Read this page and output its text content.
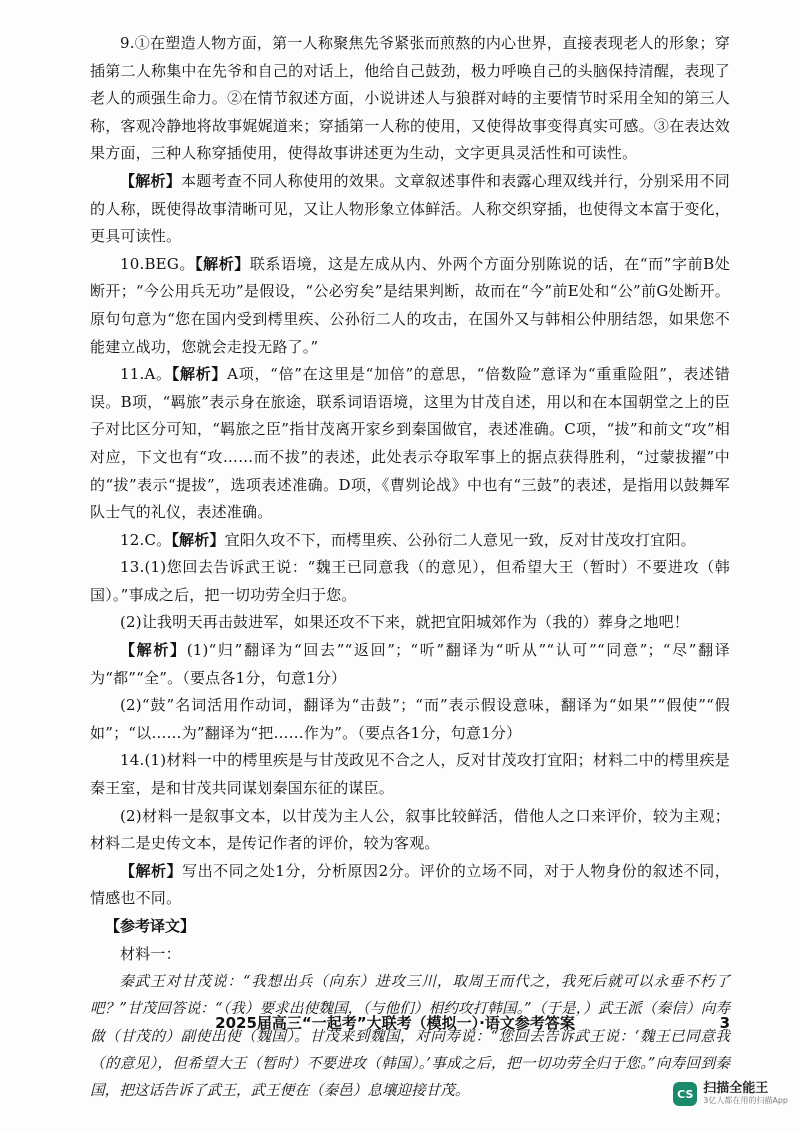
9.①在塑造人物方面，第一人称聚焦先爷紧张而煎熬的内心世界，直接表现老人的形象；穿插第二人称集中在先爷和自己的对话上，他给自己鼓劲，极力呼唤自己的头脑保持清醒，表现了老人的顽强生命力。②在情节叙述方面，小说讲述人与狼群对峙的主要情节时采用全知的第三人称，客观冷静地将故事娓娓道来；穿插第一人称的使用，又使得故事变得真实可感。③在表达效果方面，三种人称穿插使用，使得故事讲述更为生动，文字更具灵活性和可读性。

【解析】本题考查不同人称使用的效果。文章叙述事件和表露心理双线并行，分别采用不同的人称，既使得故事清晰可见，又让人物形象立体鲜活。人称交织穿插，也使得文本富于变化，更具可读性。

10.BEG。【解析】联系语境，这是左成从内、外两个方面分别陈说的话，在“而”字前B处断开；“今公用兵无功”是假设，“公必穷矣”是结果判断，故而在“今”前E处和“公”前G处断开。原句句意为“您在国内受到樗里疾、公孙衍二人的攻击，在国外又与韩相公仲朋结怨，如果您不能建立战功，您就会走投无路了。”

11.A。【解析】A项，“倍”在这里是“加倍”的意思，“倍数险”意译为“重重险阻”，表述错误。B项，“羁旅”表示身在旅途，联系词语语境，这里为甘茂自述，用以和在本国朝堂之上的臣子对比区分可知，“羁旅之臣”指甘茂离开家乡到秦国做官，表述准确。C项，“拔”和前文“攻”相对应，下文也有“攻……而不拔”的表述，此处表示夺取军事上的据点获得胜利，“过蒙拔擢”中的“拔”表示“提拔”，选项表述准确。D项，《曹刿论战》中也有“三鼓”的表述，是指用以鼓舞军队士气的礼仪，表述准确。

12.C。【解析】宜阳久攻不下，而樗里疾、公孙衍二人意见一致，反对甘茂攻打宜阳。

13.(1)您回去告诉武王说：“魏王已同意我（的意见），但希望大王（暂时）不要进攻（韩国）。”事成之后，把一切功劳全归于您。

(2)让我明天再击鼓进军，如果还攻不下来，就把宜阳城郊作为（我的）葬身之地吧！

【解析】(1)“归”翻译为“回去”“返回”；“听”翻译为“听从”“认可”“同意”；“尽”翻译为“都”“全”。（要点各1分，句意1分）

(2)“鼓”名词活用作动词，翻译为“击鼓”；“而”表示假设意味，翻译为“如果”“假使”“假如”；“以……为”翻译为“把……作为”。（要点各1分，句意1分）

14.(1)材料一中的樗里疾是与甘茂政见不合之人，反对甘茂攻打宜阳；材料二中的樗里疾是秦王室，是和甘茂共同谋划秦国东征的谋臣。

(2)材料一是叙事文本，以甘茂为主人公，叙事比较鲜活，借他人之口来评价，较为主观；材料二是史传文本，是传记作者的评价，较为客观。

【解析】写出不同之处1分，分析原因2分。评价的立场不同，对于人物身份的叙述不同，情感也不同。

【参考译文】

材料一：

秦武王对甘茂说：“我想出兵（向东）进攻三川，取周王而代之，我死后就可以永垂不朽了吧？”甘茂回答说：“（我）要求出使魏国，（与他们）相约攻打韩国。”（于是，）武王派（秦信）向寿做（甘茂的）副使出使（魏国）。甘茂来到魏国，对向寿说：“您回去告诉武王说：‘魏王已同意我（的意见），但希望大王（暂时）不要进攻（韩国）。’事成之后，把一切功劳全归于您。”向寿回到秦国，把这话告诉了武王，武王便在（秦邑）息壤迎接甘茂。

2025届高三“一起考”大联考（模拟一）·语文参考答案	3
CS 扫描全能王
3亿人都在用的扫描App
